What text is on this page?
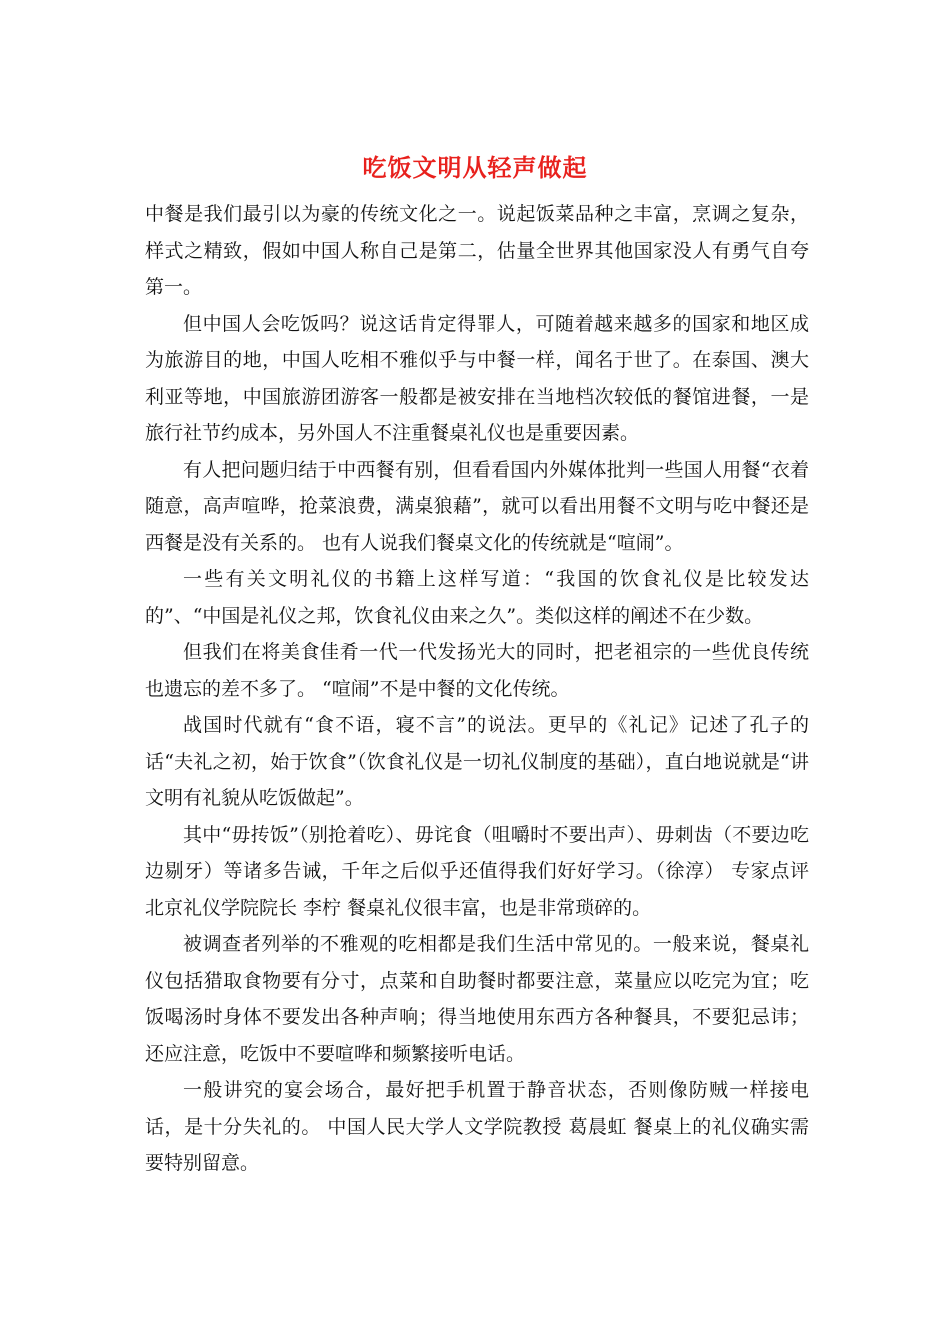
吃饭文明从轻声做起

中餐是我们最引以为豪的传统文化之一。说起饭菜品种之丰富，烹调之复杂，样式之精致，假如中国人称自己是第二，估量全世界其他国家没人有勇气自夸第一。

但中国人会吃饭吗？说这话肯定得罪人，可随着越来越多的国家和地区成为旅游目的地，中国人吃相不雅似乎与中餐一样，闻名于世了。在泰国、澳大利亚等地，中国旅游团游客一般都是被安排在当地档次较低的餐馆进餐，一是旅行社节约成本，另外国人不注重餐桌礼仪也是重要因素。

有人把问题归结于中西餐有别，但看看国内外媒体批判一些国人用餐“衣着随意，高声喧哗，抢菜浪费，满桌狼藉”，就可以看出用餐不文明与吃中餐还是西餐是没有关系的。 也有人说我们餐桌文化的传统就是“喧闹”。

一些有关文明礼仪的书籍上这样写道：“我国的饮食礼仪是比较发达的”、“中国是礼仪之邦，饮食礼仪由来之久”。类似这样的阐述不在少数。

但我们在将美食佳肴一代一代发扬光大的同时，把老祖宗的一些优良传统也遗忘的差不多了。 “喧闹”不是中餐的文化传统。

战国时代就有“食不语，寝不言”的说法。更早的《礼记》记述了孔子的话“夫礼之初，始于饮食”（饮食礼仪是一切礼仪制度的基础），直白地说就是“讲文明有礼貌从吃饭做起”。

其中“毋抟饭”（别抢着吃）、毋诧食（咀嚼时不要出声）、毋刺齿（不要边吃边剔牙）等诸多告诫，千年之后似乎还值得我们好好学习。（徐淳） 专家点评 北京礼仪学院院长 李柠 餐桌礼仪很丰富，也是非常琐碎的。

被调查者列举的不雅观的吃相都是我们生活中常见的。一般来说，餐桌礼仪包括猎取食物要有分寸，点菜和自助餐时都要注意，菜量应以吃完为宜；吃饭喝汤时身体不要发出各种声响；得当地使用东西方各种餐具，不要犯忌讳；还应注意，吃饭中不要喧哗和频繁接听电话。

一般讲究的宴会场合，最好把手机置于静音状态，否则像防贼一样接电话，是十分失礼的。 中国人民大学人文学院教授 葛晨虹 餐桌上的礼仪确实需要特别留意。
